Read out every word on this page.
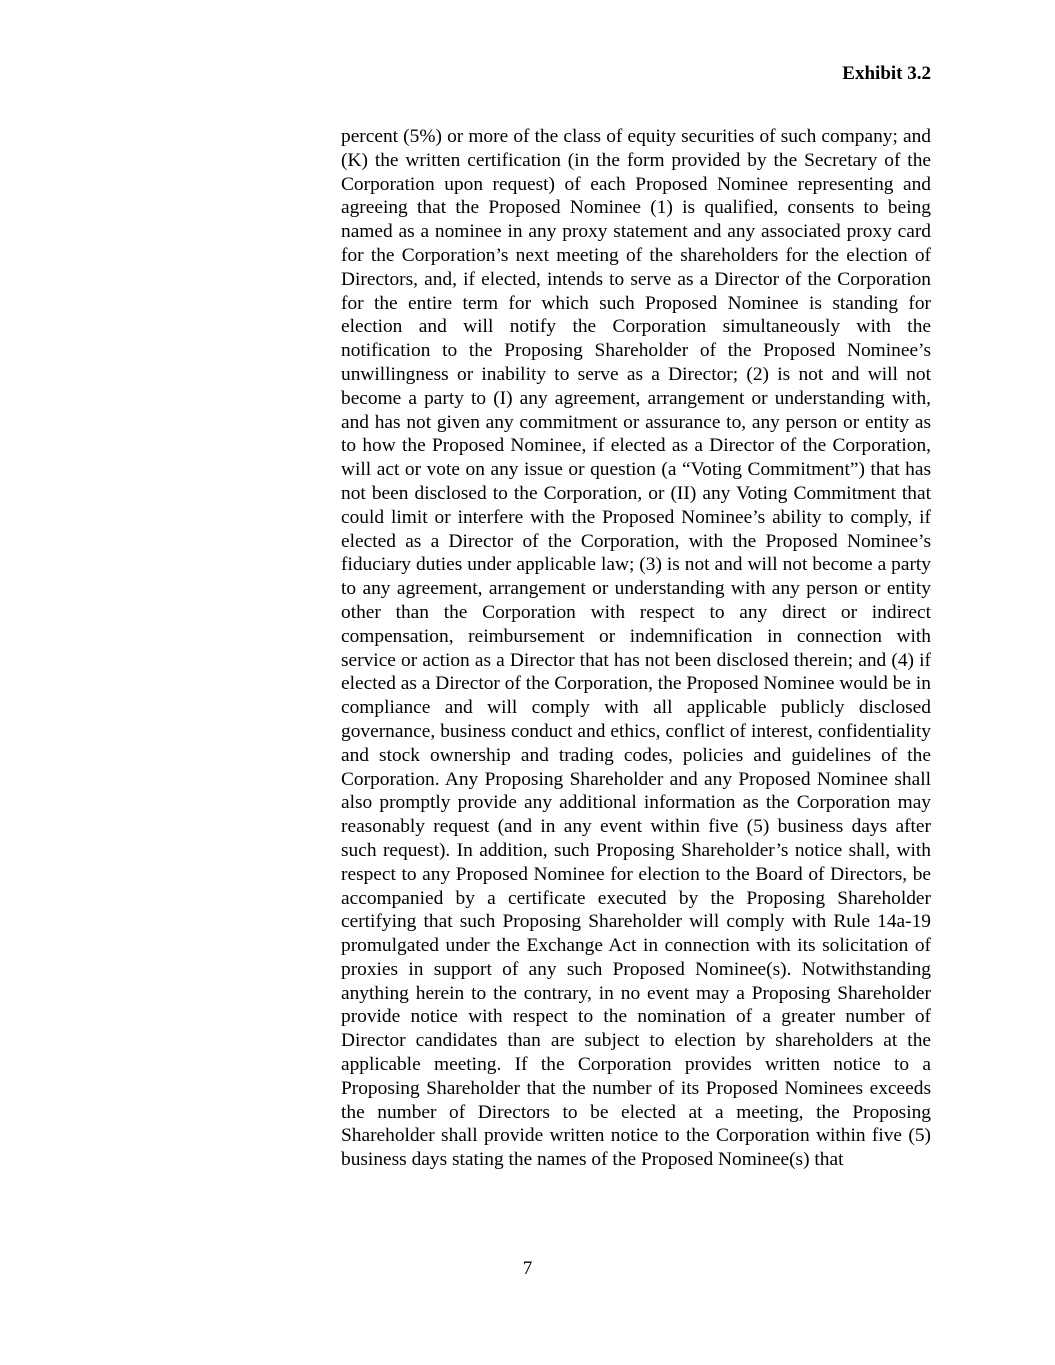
Exhibit 3.2

percent (5%) or more of the class of equity securities of such company; and (K) the written certification (in the form provided by the Secretary of the Corporation upon request) of each Proposed Nominee representing and agreeing that the Proposed Nominee (1) is qualified, consents to being named as a nominee in any proxy statement and any associated proxy card for the Corporation’s next meeting of the shareholders for the election of Directors, and, if elected, intends to serve as a Director of the Corporation for the entire term for which such Proposed Nominee is standing for election and will notify the Corporation simultaneously with the notification to the Proposing Shareholder of the Proposed Nominee’s unwillingness or inability to serve as a Director; (2) is not and will not become a party to (I) any agreement, arrangement or understanding with, and has not given any commitment or assurance to, any person or entity as to how the Proposed Nominee, if elected as a Director of the Corporation, will act or vote on any issue or question (a “Voting Commitment”) that has not been disclosed to the Corporation, or (II) any Voting Commitment that could limit or interfere with the Proposed Nominee’s ability to comply, if elected as a Director of the Corporation, with the Proposed Nominee’s fiduciary duties under applicable law; (3) is not and will not become a party to any agreement, arrangement or understanding with any person or entity other than the Corporation with respect to any direct or indirect compensation, reimbursement or indemnification in connection with service or action as a Director that has not been disclosed therein; and (4) if elected as a Director of the Corporation, the Proposed Nominee would be in compliance and will comply with all applicable publicly disclosed governance, business conduct and ethics, conflict of interest, confidentiality and stock ownership and trading codes, policies and guidelines of the Corporation. Any Proposing Shareholder and any Proposed Nominee shall also promptly provide any additional information as the Corporation may reasonably request (and in any event within five (5) business days after such request). In addition, such Proposing Shareholder’s notice shall, with respect to any Proposed Nominee for election to the Board of Directors, be accompanied by a certificate executed by the Proposing Shareholder certifying that such Proposing Shareholder will comply with Rule 14a-19 promulgated under the Exchange Act in connection with its solicitation of proxies in support of any such Proposed Nominee(s). Notwithstanding anything herein to the contrary, in no event may a Proposing Shareholder provide notice with respect to the nomination of a greater number of Director candidates than are subject to election by shareholders at the applicable meeting. If the Corporation provides written notice to a Proposing Shareholder that the number of its Proposed Nominees exceeds the number of Directors to be elected at a meeting, the Proposing Shareholder shall provide written notice to the Corporation within five (5) business days stating the names of the Proposed Nominee(s) that

7
